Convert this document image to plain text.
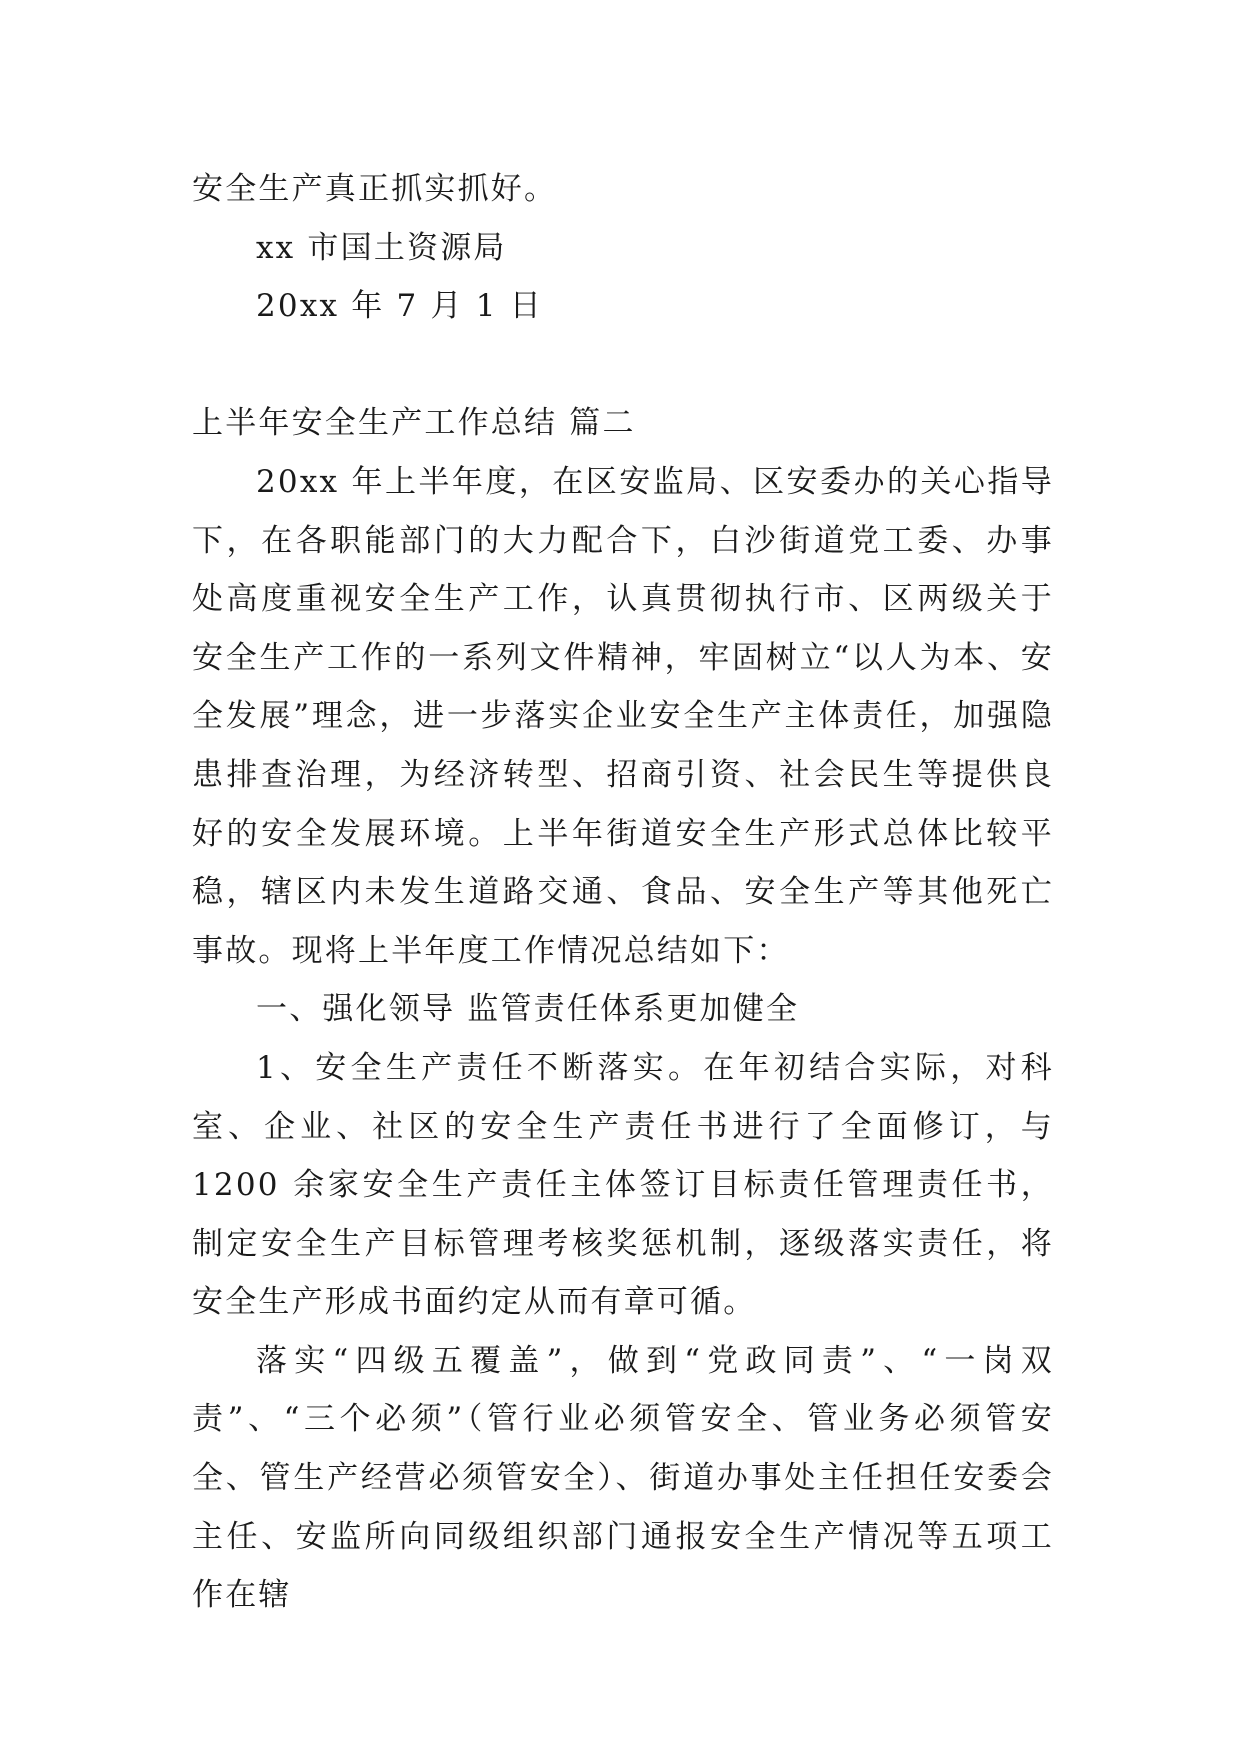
安全生产真正抓实抓好。

xx 市国土资源局

20xx 年 7 月 1 日

上半年安全生产工作总结 篇二

20xx 年上半年度，在区安监局、区安委办的关心指导下，在各职能部门的大力配合下，白沙街道党工委、办事处高度重视安全生产工作，认真贯彻执行市、区两级关于安全生产工作的一系列文件精神，牢固树立“以人为本、安全发展”理念，进一步落实企业安全生产主体责任，加强隐患排查治理，为经济转型、招商引资、社会民生等提供良好的安全发展环境。上半年街道安全生产形式总体比较平稳，辖区内未发生道路交通、食品、安全生产等其他死亡事故。现将上半年度工作情况总结如下：

一、强化领导 监管责任体系更加健全

1、安全生产责任不断落实。在年初结合实际，对科室、企业、社区的安全生产责任书进行了全面修订，与 1200 余家安全生产责任主体签订目标责任管理责任书，制定安全生产目标管理考核奖惩机制，逐级落实责任，将安全生产形成书面约定从而有章可循。

落实“四级五覆盖”，做到“党政同责”、“一岗双责”、“三个必须”（管行业必须管安全、管业务必须管安全、管生产经营必须管安全）、街道办事处主任担任安委会主任、安监所向同级组织部门通报安全生产情况等五项工作在辖
